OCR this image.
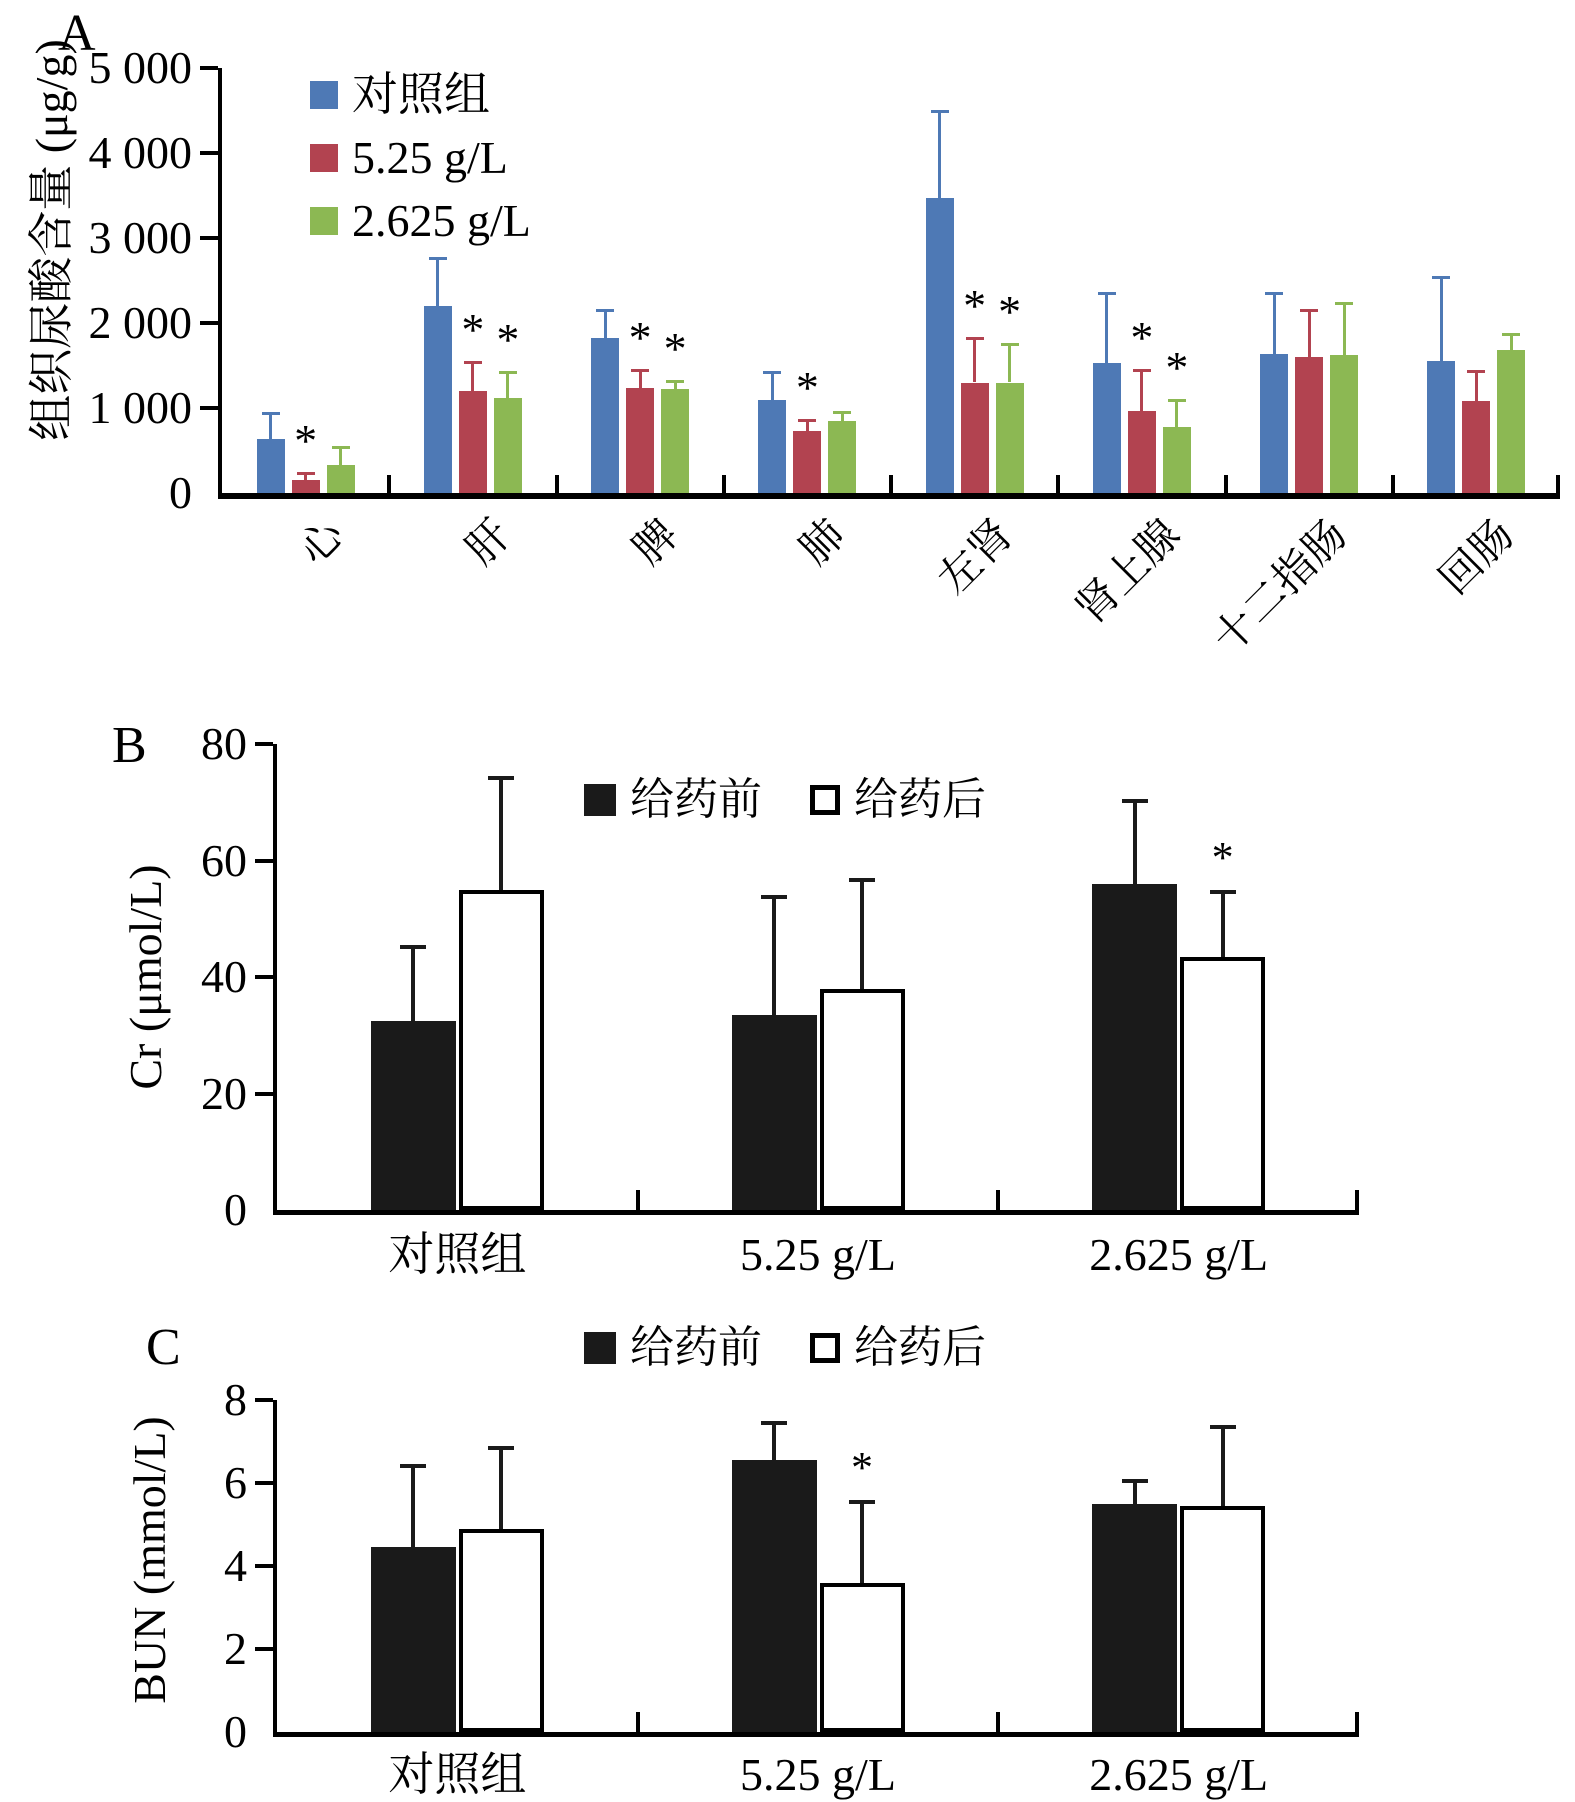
A
组织尿酸含量 (μg/g)	对照组
5.25 g/L
2.625 g/L
B
Cr (μmol/L)
给药前 给药后
C
BUN (mmol/L)
给药前 给药后
0
1 000
2 000
3 000
4 000
5 000
*
心
* *
肝
* *
脾
*
肺
* *
左肾
*
*
肾上腺 十二指肠 回肠
0
20
40
60
80
对照组	5.25 g/L
*
2.625 g/L
0
2
4
6
8
对照组
*
5.25 g/L	2.625 g/L
